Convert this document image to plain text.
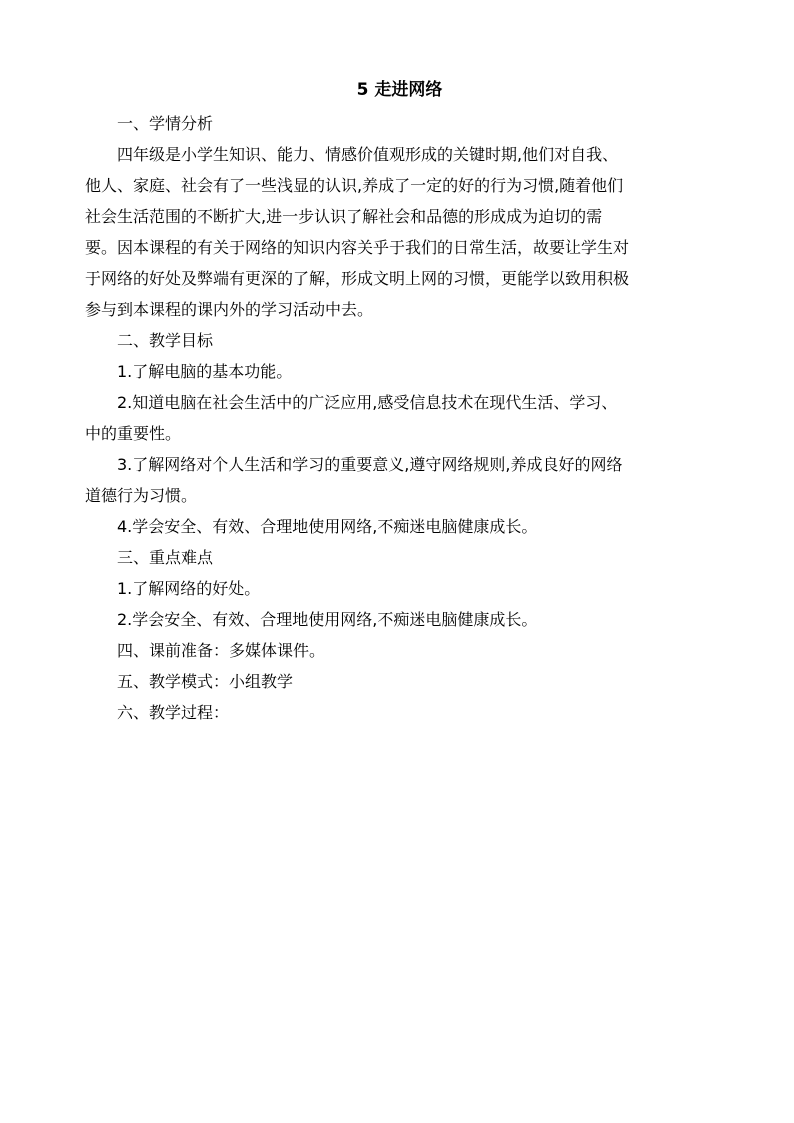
5 走进网络
一、学情分析
四年级是小学生知识、能力、情感价值观形成的关键时期,他们对自我、
他人、家庭、社会有了一些浅显的认识,养成了一定的好的行为习惯,随着他们
社会生活范围的不断扩大,进一步认识了解社会和品德的形成成为迫切的需
要。因本课程的有关于网络的知识内容关乎于我们的日常生活，故要让学生对
于网络的好处及弊端有更深的了解，形成文明上网的习惯，更能学以致用积极
参与到本课程的课内外的学习活动中去。
二、教学目标
1.了解电脑的基本功能。
2.知道电脑在社会生活中的广泛应用,感受信息技术在现代生活、学习、
中的重要性。
3.了解网络对个人生活和学习的重要意义,遵守网络规则,养成良好的网络
道德行为习惯。
4.学会安全、有效、合理地使用网络,不痴迷电脑健康成长。
三、重点难点
1.了解网络的好处。
2.学会安全、有效、合理地使用网络,不痴迷电脑健康成长。
四、课前准备：多媒体课件。
五、教学模式：小组教学
六、教学过程：
